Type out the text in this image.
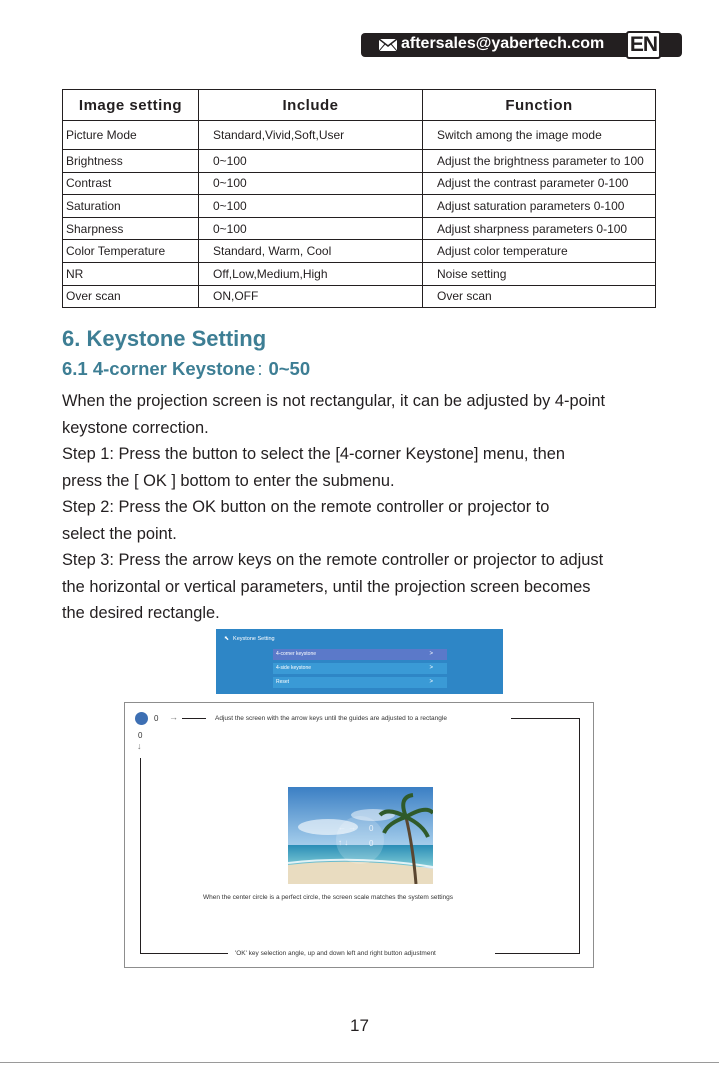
aftersales@yabertech.com EN
Image setting	Include	Function
Picture Mode	Standard,Vivid,Soft,User	Switch among the image mode
Brightness	0~100	Adjust the brightness parameter to 100
Contrast	0~100	Adjust the contrast parameter 0-100
Saturation	0~100	Adjust saturation parameters 0-100
Sharpness	0~100	Adjust sharpness parameters 0-100
Color Temperature	Standard, Warm, Cool	Adjust color temperature
NR	Off,Low,Medium,High	Noise setting
Over scan	ON,OFF	Over scan
6. Keystone Setting
6.1 4-corner Keystone : 0~50

When the projection screen is not rectangular, it can be adjusted by 4-point

keystone correction.

Step 1: Press the button to select the [4-corner Keystone] menu, then

press the [ OK ] bottom to enter the submenu.

Step 2: Press the OK button on the remote controller or projector to

select the point.

Step 3: Press the arrow keys on the remote controller or projector to adjust

the horizontal or vertical parameters, until the projection screen becomes

the desired rectangle.

⬉ Keystone Setting
4-corner keystone	>
4-side keystone	>
Reset	>
0 →
0
↓
Adjust the screen with the arrow keys until the guides are adjusted to a rectangle
'OK' key selection angle, up and down left and right button adjustment
← → 0
↑ ↓	0
When the center circle is a perfect circle, the screen scale matches the system settings
17
